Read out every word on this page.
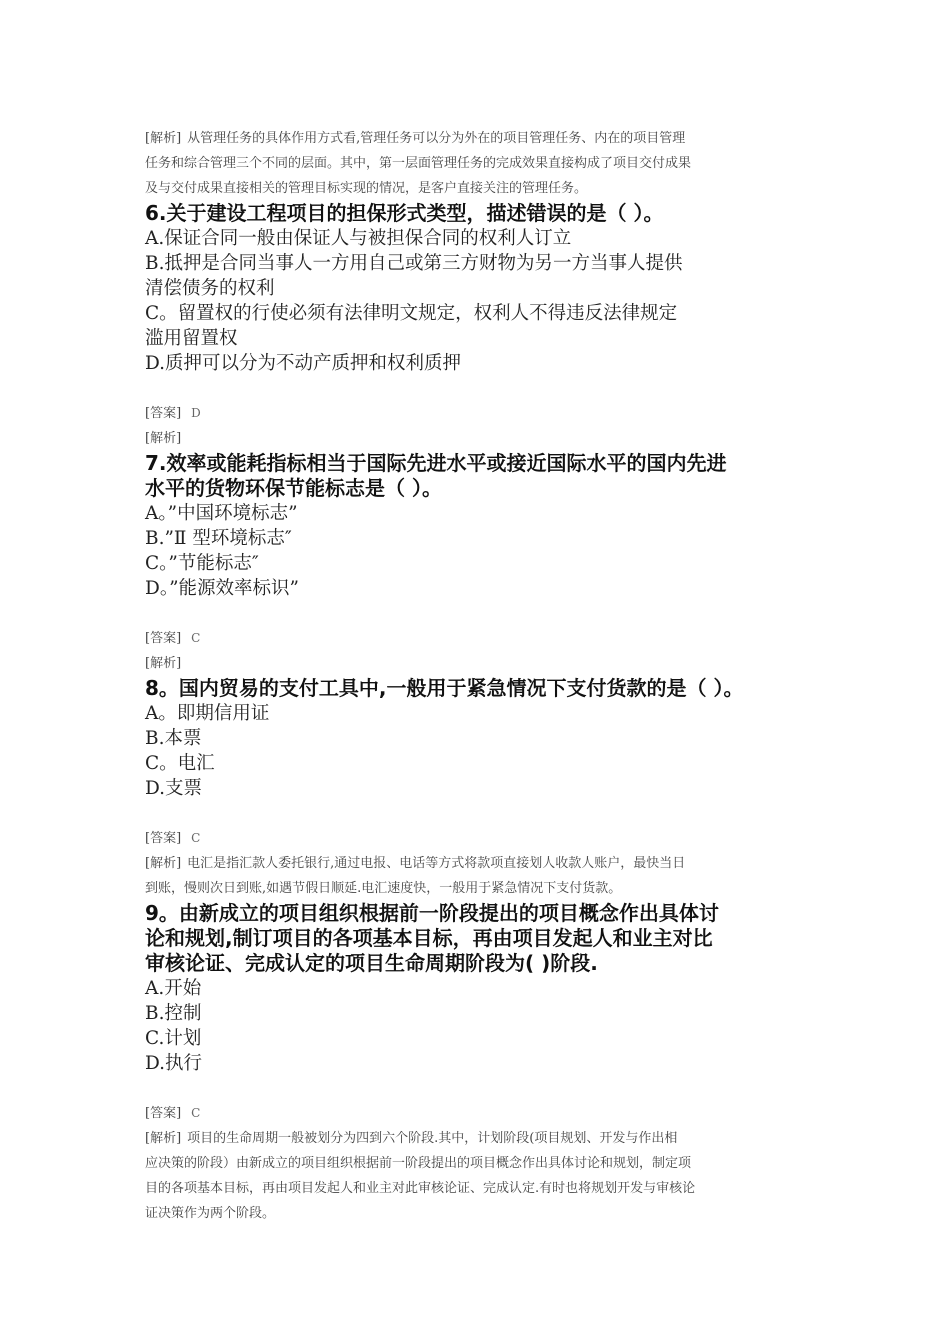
[解析] 从管理任务的具体作用方式看,管理任务可以分为外在的项目管理任务、内在的项目管理

任务和综合管理三个不同的层面。其中，第一层面管理任务的完成效果直接构成了项目交付成果

及与交付成果直接相关的管理目标实现的情况，是客户直接关注的管理任务。

6.关于建设工程项目的担保形式类型，描述错误的是（ ）。

A.保证合同一般由保证人与被担保合同的权利人订立

B.抵押是合同当事人一方用自己或第三方财物为另一方当事人提供

清偿债务的权利

C。留置权的行使必须有法律明文规定，权利人不得违反法律规定

滥用留置权

D.质押可以分为不动产质押和权利质押

[答案] D

[解析]

7.效率或能耗指标相当于国际先进水平或接近国际水平的国内先进

水平的货物环保节能标志是（ ）。

A。”中国环境标志”

B.”Ⅱ 型环境标志″

C。”节能标志″

D。”能源效率标识”

[答案] C

[解析]

8。国内贸易的支付工具中,一般用于紧急情况下支付货款的是（ ）。

A。即期信用证

B.本票

C。电汇

D.支票

[答案] C

[解析] 电汇是指汇款人委托银行,通过电报、电话等方式将款项直接划人收款人账户，最快当日

到账，慢则次日到账,如遇节假日顺延.电汇速度快，一般用于紧急情况下支付货款。

9。由新成立的项目组织根据前一阶段提出的项目概念作出具体讨

论和规划,制订项目的各项基本目标，再由项目发起人和业主对比

审核论证、完成认定的项目生命周期阶段为( )阶段.

A.开始

B.控制

C.计划

D.执行

[答案] C

[解析] 项目的生命周期一般被划分为四到六个阶段.其中，计划阶段(项目规划、开发与作出相

应决策的阶段）由新成立的项目组织根据前一阶段提出的项目概念作出具体讨论和规划，制定项

目的各项基本目标，再由项目发起人和业主对此审核论证、完成认定.有时也将规划开发与审核论

证决策作为两个阶段。
